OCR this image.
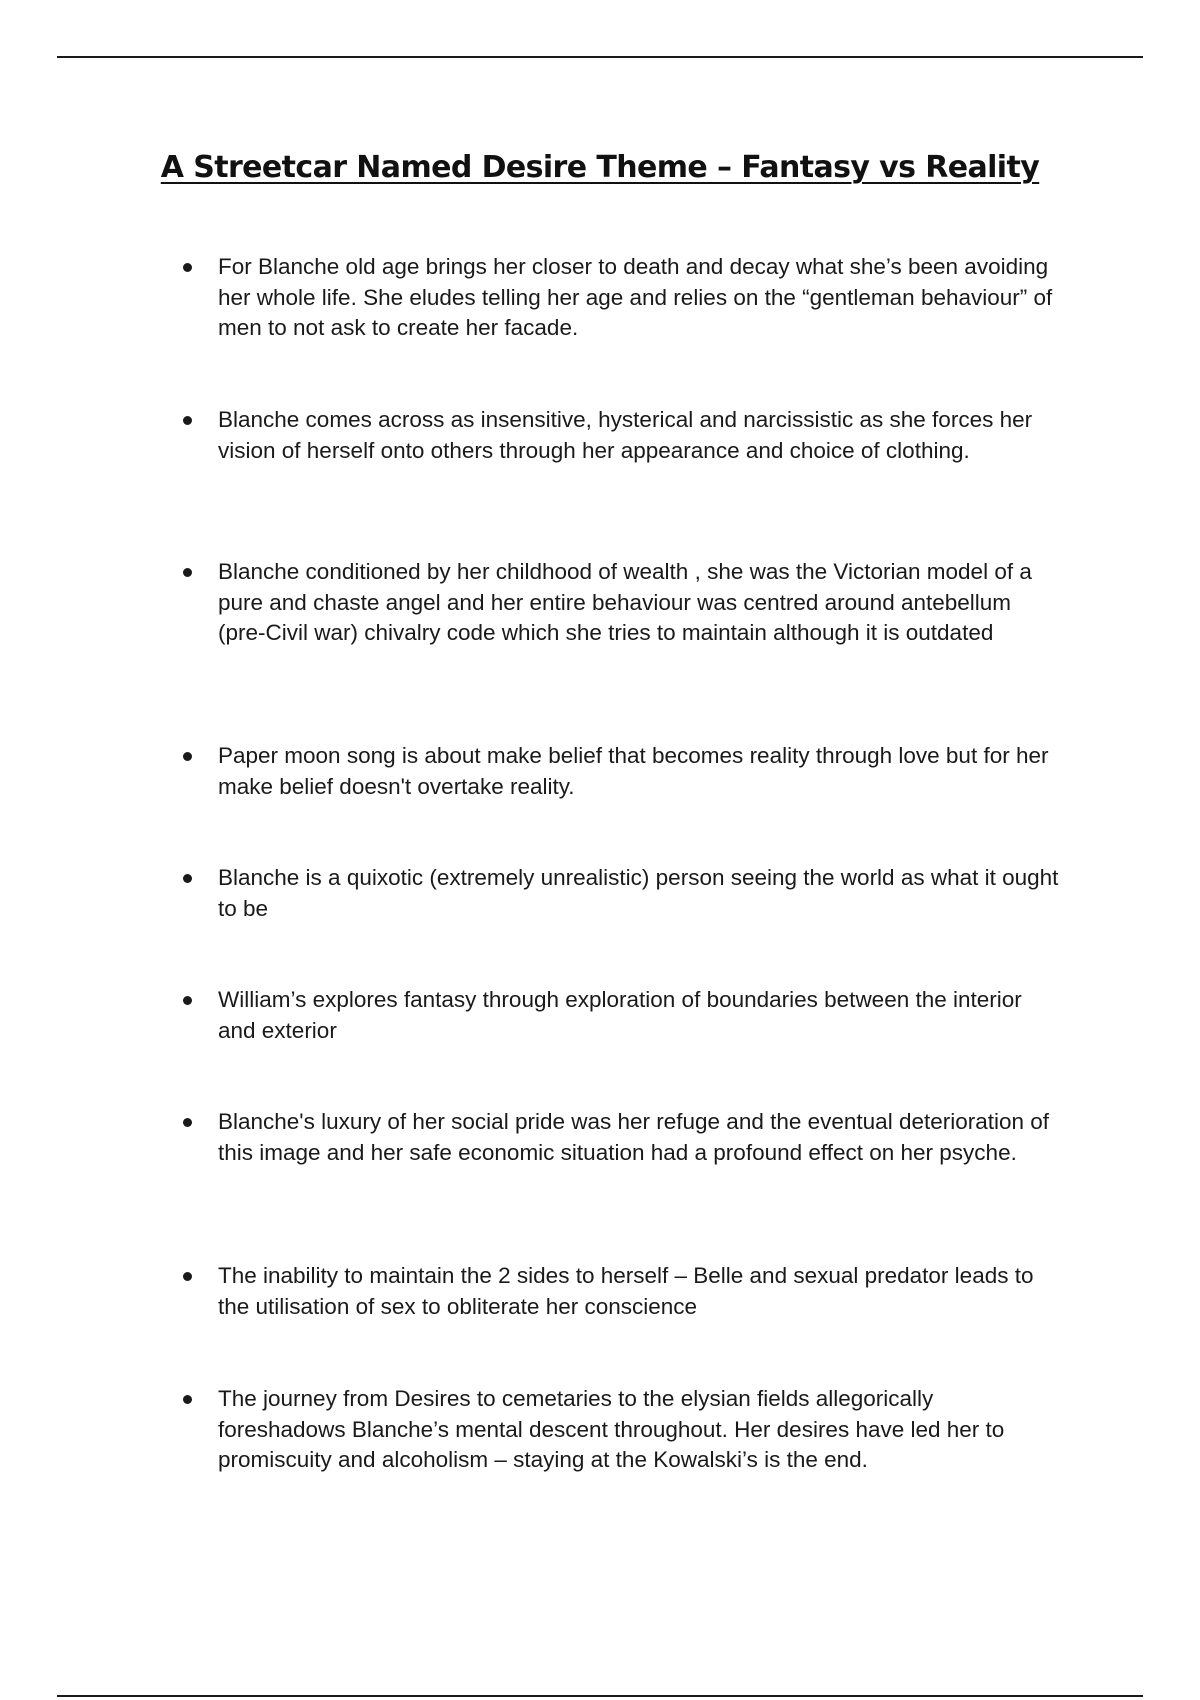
A Streetcar Named Desire Theme – Fantasy vs Reality
For Blanche old age brings her closer to death and decay what she’s been avoiding her whole life. She eludes telling her age and relies on the “gentleman behaviour” of men to not ask to create her facade.
Blanche comes across as insensitive, hysterical and narcissistic as she forces her vision of herself onto others through her appearance and choice of clothing.
Blanche conditioned by her childhood of wealth , she was the Victorian model of a pure and chaste angel and her entire behaviour was centred around antebellum (pre-Civil war) chivalry code which she tries to maintain although it is outdated
Paper moon song is about make belief that becomes reality through love but for her make belief doesn't overtake reality.
Blanche is a quixotic (extremely unrealistic) person seeing the world as what it ought to be
William’s explores fantasy through exploration of boundaries between the interior and exterior
Blanche's luxury of her social pride was her refuge and the eventual deterioration of this image and her safe economic situation had a profound effect on her psyche.
The inability to maintain the 2 sides to herself – Belle and sexual predator leads to the utilisation of sex to obliterate her conscience
The journey from Desires to cemetaries to the elysian fields allegorically foreshadows Blanche’s mental descent throughout. Her desires have led her to promiscuity and alcoholism – staying at the Kowalski’s is the end.
